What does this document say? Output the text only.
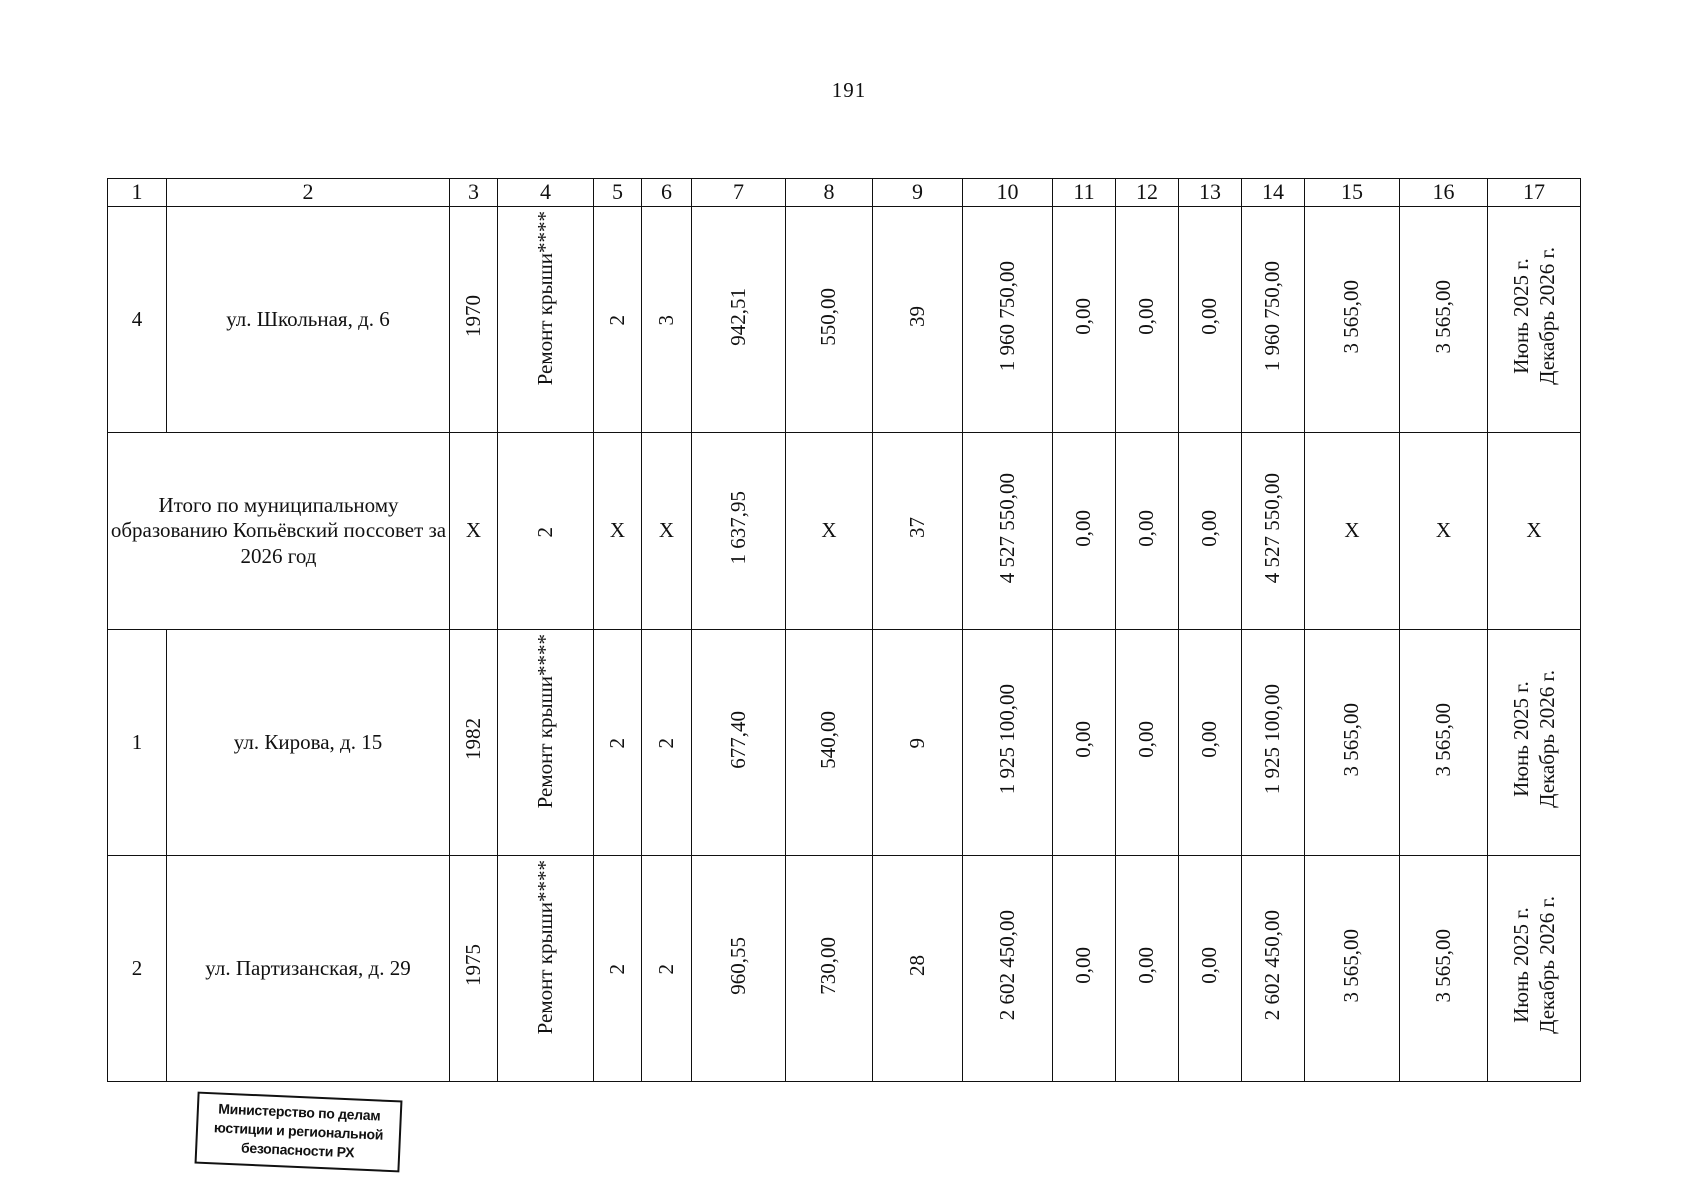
191
1	2	3	4	5	6	7	8	9	10	11	12	13	14	15	16	17
4	ул. Школьная, д. 6	1970	Ремонт крыши****	2	3	942,51	550,00	39	1 960 750,00	0,00	0,00	0,00	1 960 750,00	3 565,00	3 565,00	Июнь 2025 г.
Декабрь 2026 г.
Итого по муниципальному образованию Копьёвский поссовет за 2026 год		X	2	X	X	1 637,95	X	37	4 527 550,00	0,00	0,00	0,00	4 527 550,00	X	X	X
1	ул. Кирова, д. 15	1982	Ремонт крыши****	2	2	677,40	540,00	9	1 925 100,00	0,00	0,00	0,00	1 925 100,00	3 565,00	3 565,00	Июнь 2025 г.
Декабрь 2026 г.
2	ул. Партизанская, д. 29	1975	Ремонт крыши****	2	2	960,55	730,00	28	2 602 450,00	0,00	0,00	0,00	2 602 450,00	3 565,00	3 565,00	Июнь 2025 г.
Декабрь 2026 г.
Министерство по делам
юстиции и региональной
безопасности РХ
